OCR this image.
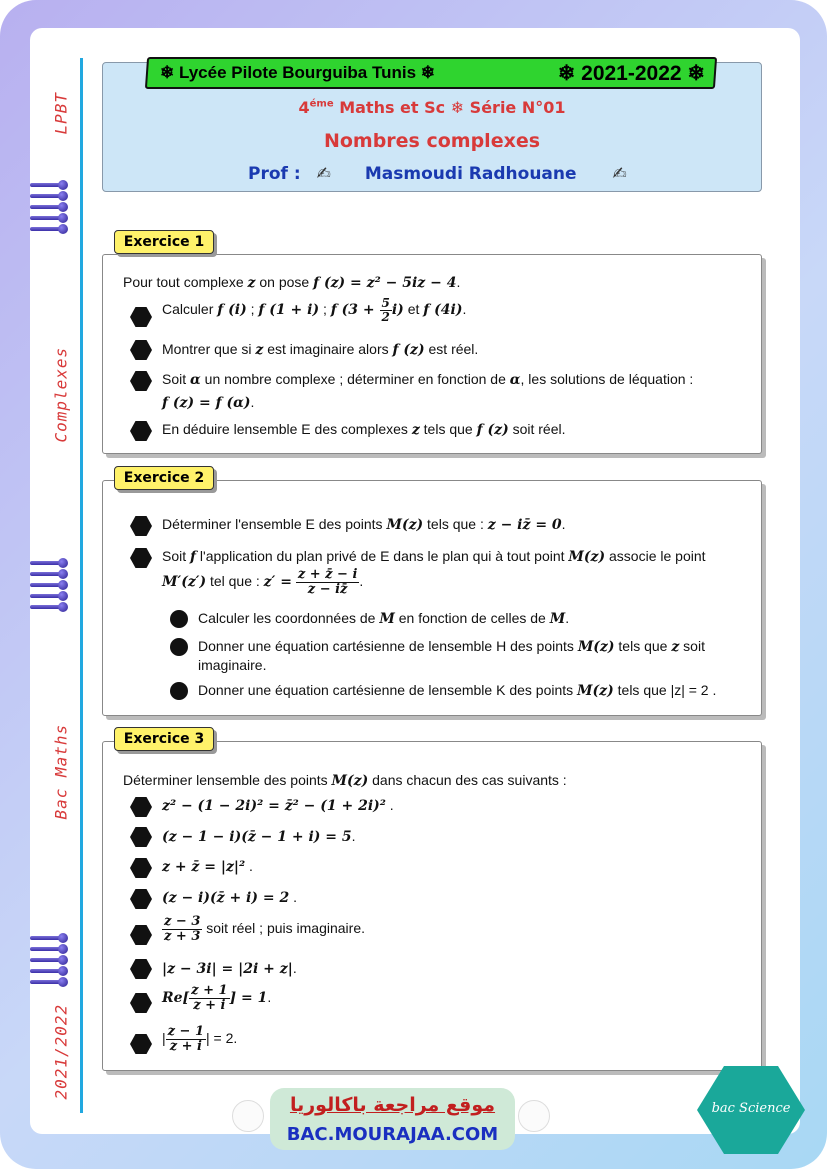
LPBT
Complexes
Bac Maths
2021/2022
❄ Lycée Pilote Bourguiba Tunis ❄	❄ 2021-2022 ❄
$4^{éme}$ Maths et Sc ❄ Série N°01
Nombres complexes
Prof : ✍ Masmoudi Radhouane ✍
Exercice 1
Pour tout complexe z on pose f (z) = z² − 5iz − 4.
Calculer f (i) ; f (1 + i) ; f $(3 + \frac{5}{2} i)$ et f (4i).
Montrer que si z est imaginaire alors f (z) est réel.
Soit α un nombre complexe ; déterminer en fonction de α, les solutions de léquation :
f (z) = f (α).
En déduire lensemble E des complexes z tels que f (z) soit réel.
Exercice 2
Déterminer l'ensemble E des points M(z) tels que : z − iz̄ = 0.
Soit f l'application du plan privé de E dans le plan qui à tout point M(z) associe le point
M′(z′) tel que : $z' = \frac{z + z̄ - i}{z - iz̄}$ .
Calculer les coordonnées de M en fonction de celles de M.
Donner une équation cartésienne de lensemble H des points M(z) tels que z soit
imaginaire.
Donner une équation cartésienne de lensemble K des points M(z) tels que |z| = 2 .
Exercice 3
Déterminer lensemble des points M(z) dans chacun des cas suivants :
z² − (1 − 2i)² = z̄² − (1 + 2i)² .
(z − 1 − i)(z̄ − 1 + i) = 5.
z + z̄ = |z|² .
(z − i)(z̄ + i) = 2 .
$\frac{z - 3}{z + 3}$ soit réel ; puis imaginaire.
|z − 3i| = |2i + z|.
$Re[ \frac{z + 1}{z + i}$ ] = 1.
| $\frac{z - 1}{z + i}$ | = 2.
موقع مراجعة باكالوريا
BAC.MOURAJAA.COM
bac Science
